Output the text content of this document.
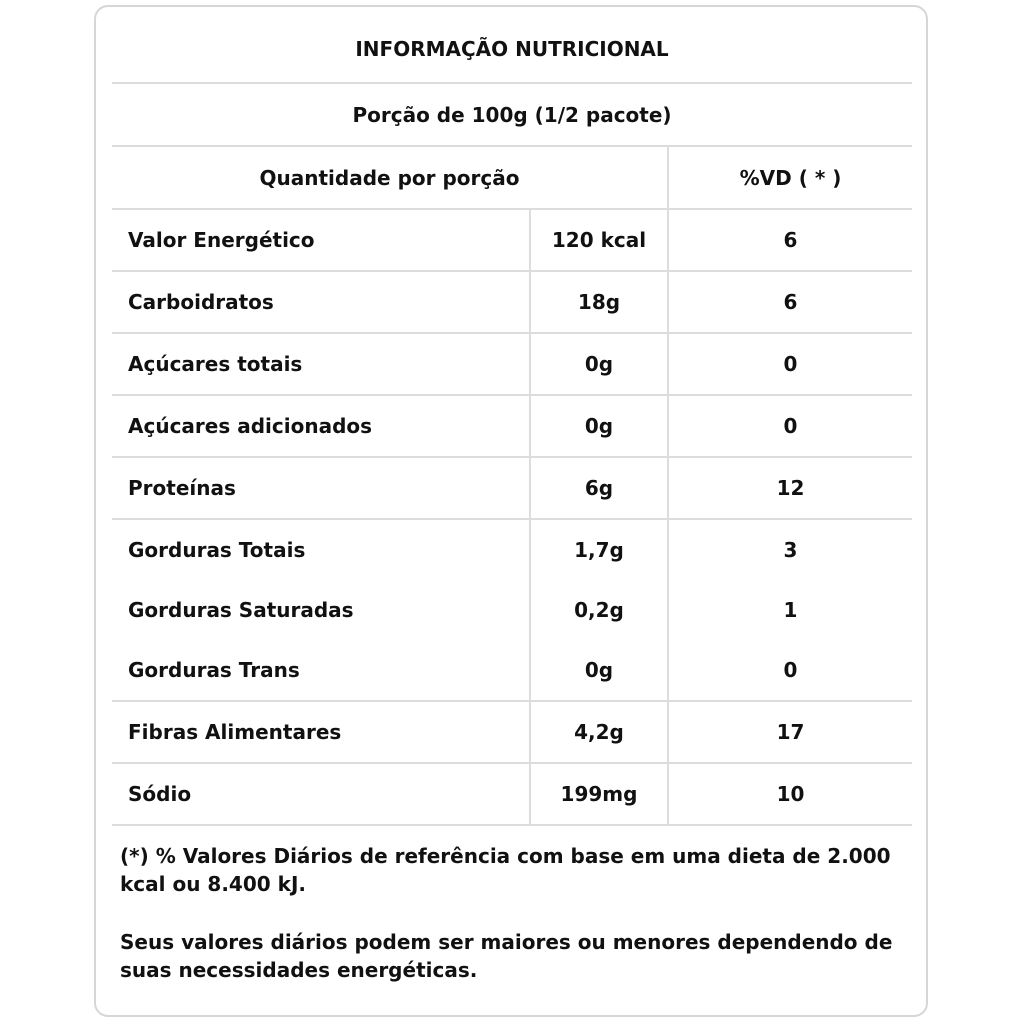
INFORMAÇÃO NUTRICIONAL		
Porção de 100g (1/2 pacote)		
Quantidade por porção		%VD ( * )
Valor Energético	120 kcal	6
Carboidratos	18g	6
Açúcares totais	0g	0
Açúcares adicionados	0g	0
Proteínas	6g	12
Gorduras Totais	1,7g	3
Gorduras Saturadas	0,2g	1
Gorduras Trans	0g	0
Fibras Alimentares	4,2g	17
Sódio	199mg	10

(*) % Valores Diários de referência com base em uma dieta de 2.000 kcal ou 8.400 kJ.

Seus valores diários podem ser maiores ou menores dependendo de suas necessidades energéticas.
